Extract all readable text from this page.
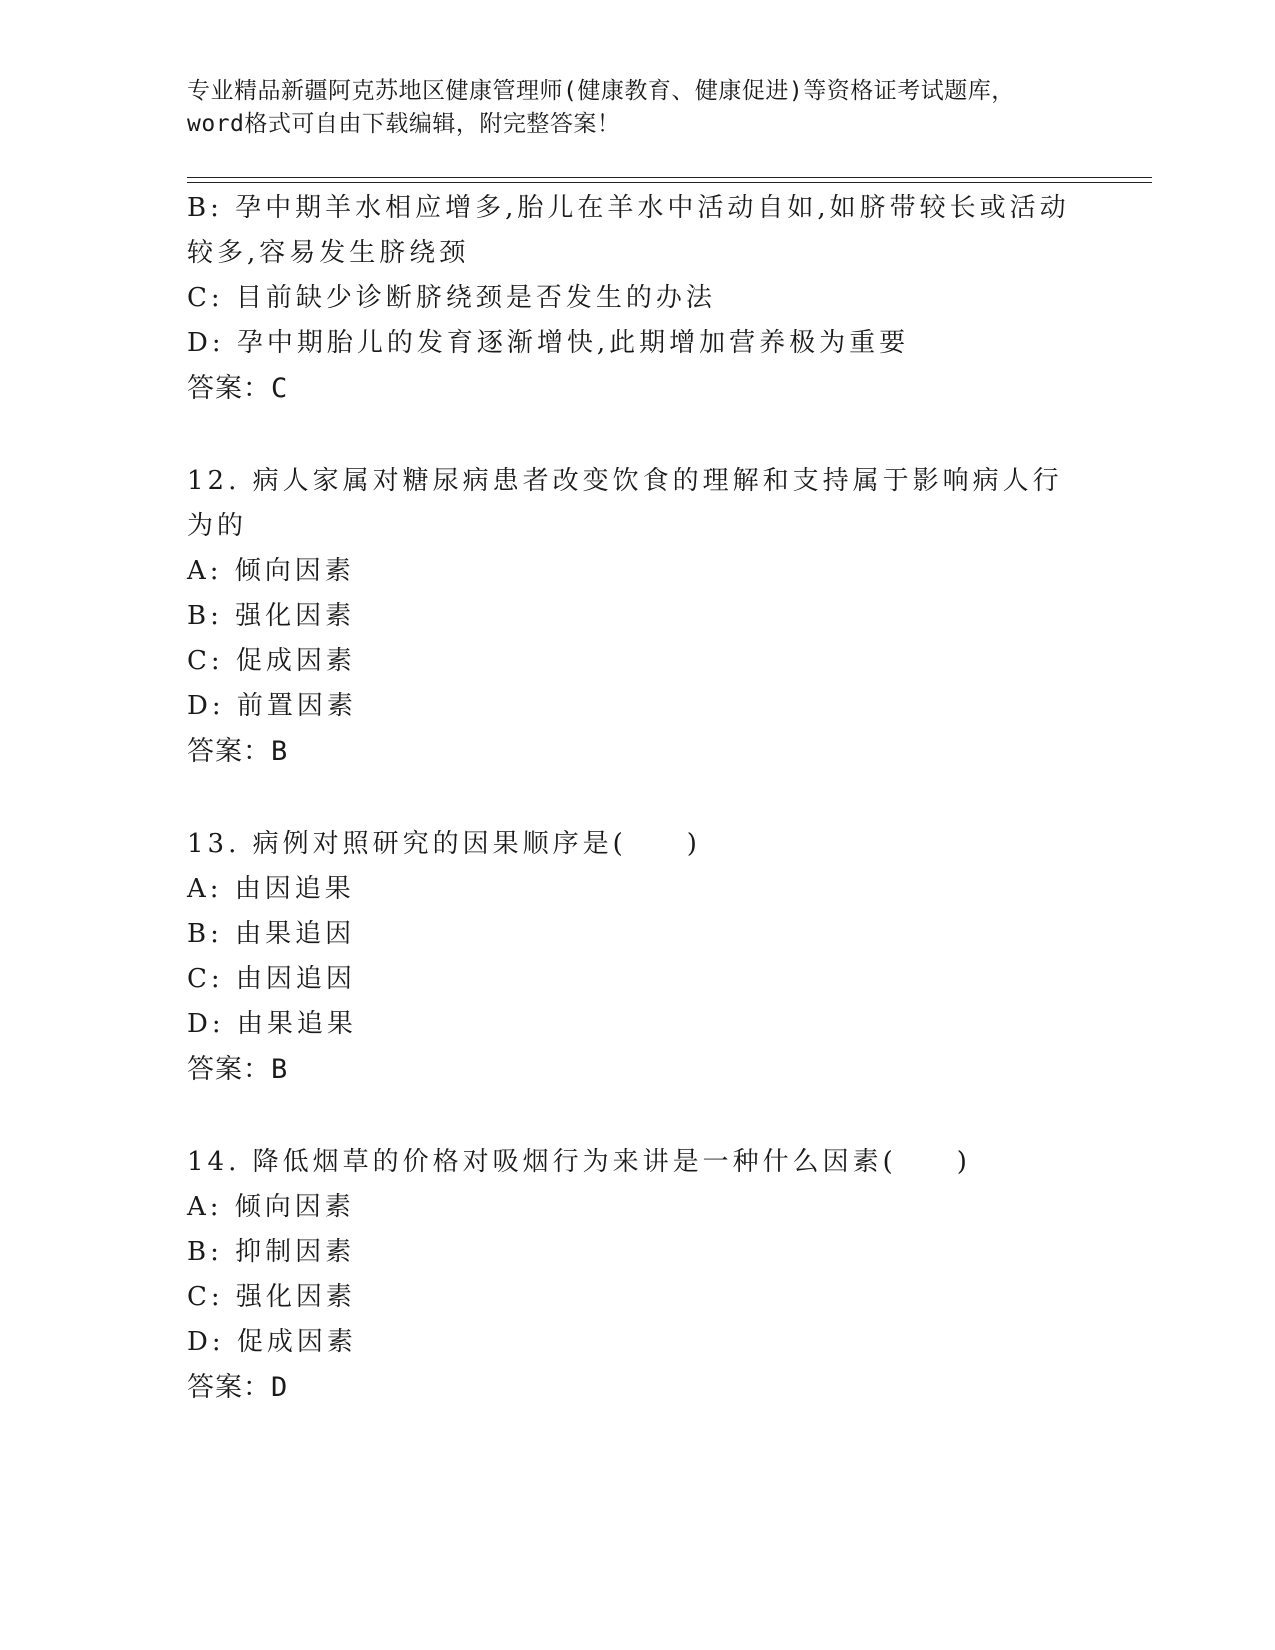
专业精品新疆阿克苏地区健康管理师(健康教育、健康促进)等资格证考试题库，
word格式可自由下载编辑，附完整答案！
B: 孕中期羊水相应增多,胎儿在羊水中活动自如,如脐带较长或活动较多,容易发生脐绕颈
C: 目前缺少诊断脐绕颈是否发生的办法
D: 孕中期胎儿的发育逐渐增快,此期增加营养极为重要
答案：C
12. 病人家属对糖尿病患者改变饮食的理解和支持属于影响病人行为的
A: 倾向因素
B: 强化因素
C: 促成因素
D: 前置因素
答案：B
13. 病例对照研究的因果顺序是(　　)
A: 由因追果
B: 由果追因
C: 由因追因
D: 由果追果
答案：B
14. 降低烟草的价格对吸烟行为来讲是一种什么因素(　　)
A: 倾向因素
B: 抑制因素
C: 强化因素
D: 促成因素
答案：D
